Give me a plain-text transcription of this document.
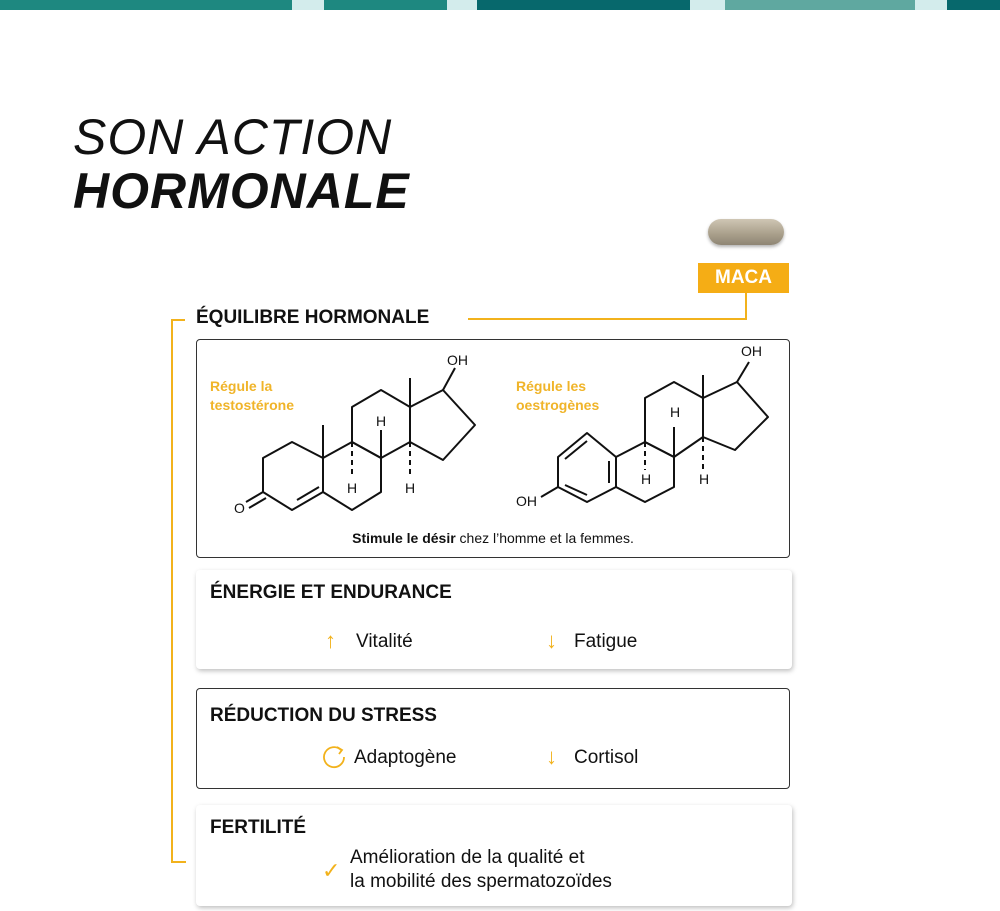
SON ACTION
HORMONALE
MACA
ÉQUILIBRE HORMONALE
Régule la
testostérone
Régule les
oestrogènes
OH
H
H	H
O
OH
H
H	H
OH
Stimule le désir chez l’homme et la femmes.
ÉNERGIE ET ENDURANCE
↑ Vitalité	↓ Fatigue
RÉDUCTION DU STRESS
Adaptogène	↓ Cortisol
FERTILITÉ
✓
Amélioration de la qualité et
la mobilité des spermatozoïdes
